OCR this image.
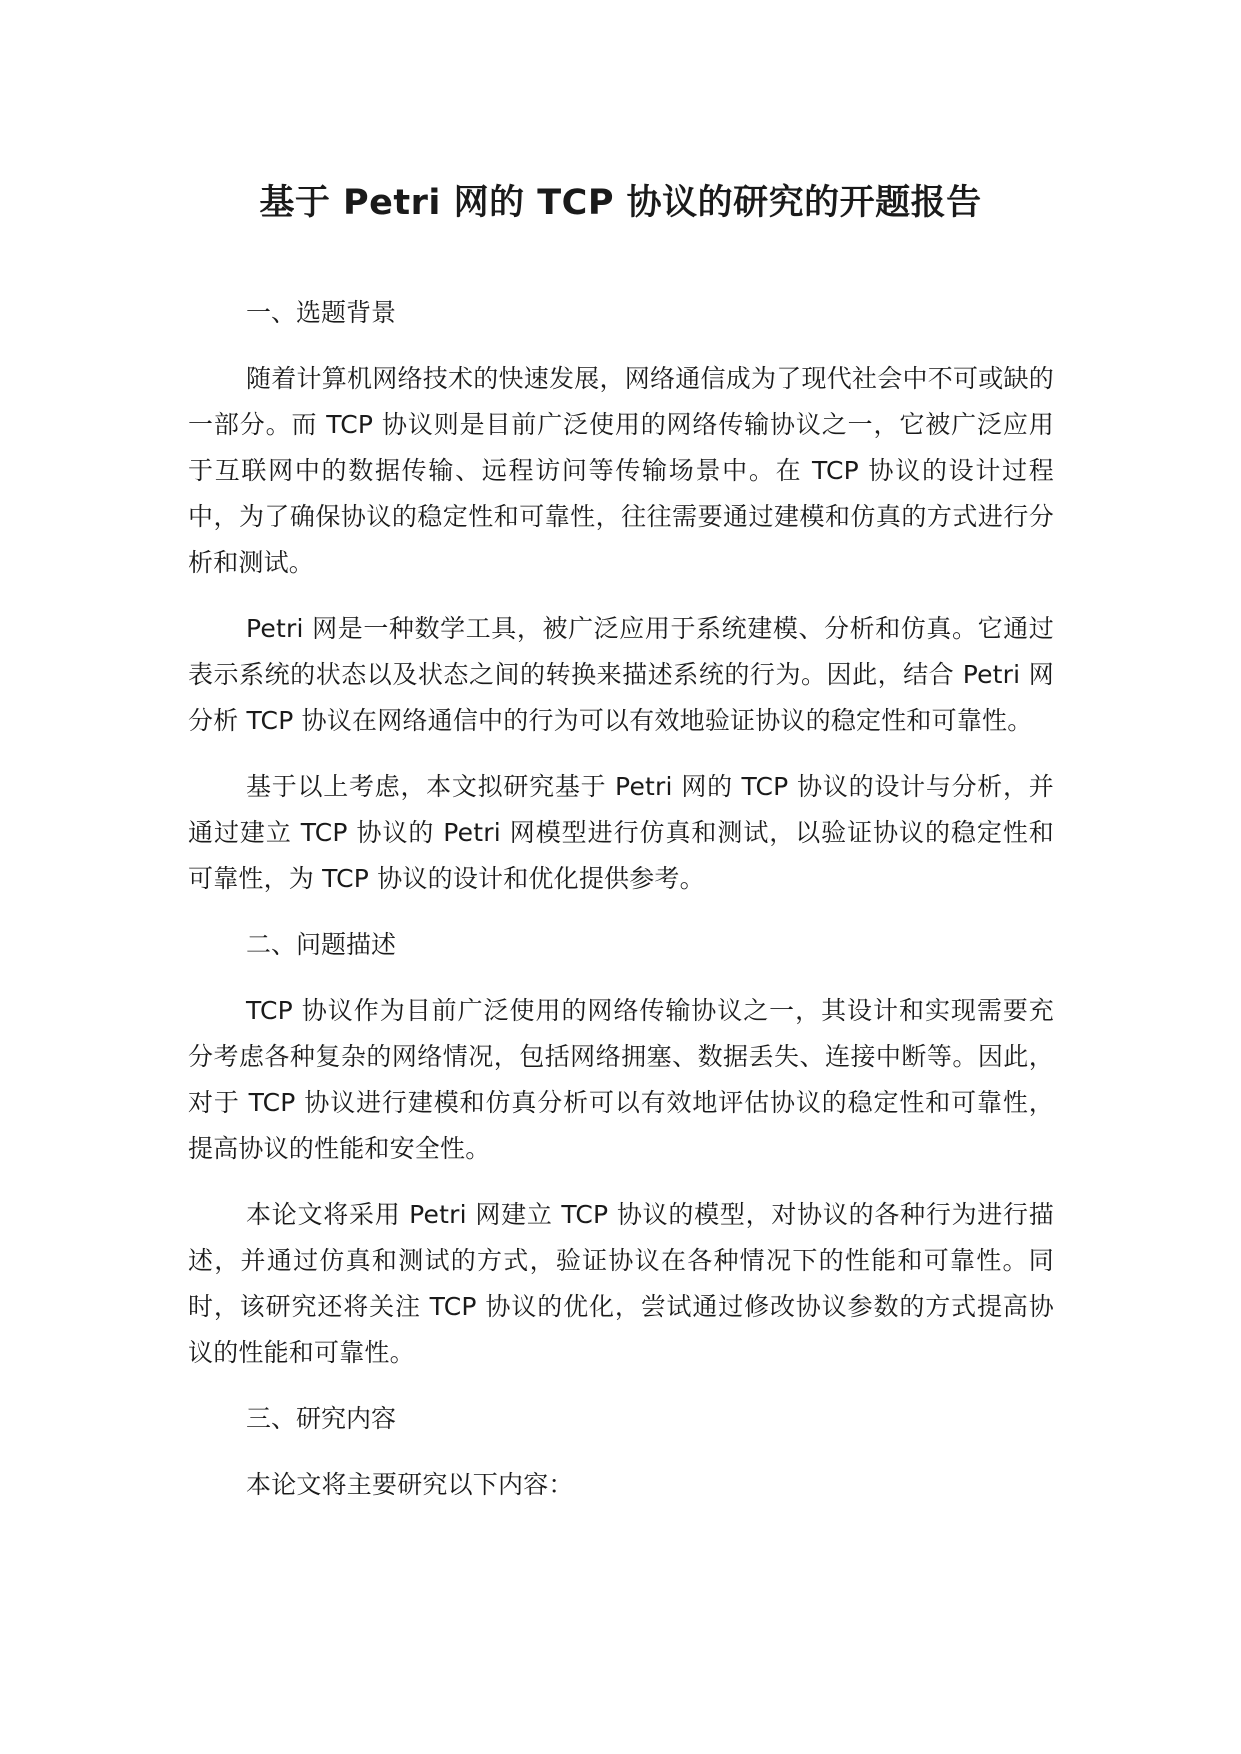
基于 Petri 网的 TCP 协议的研究的开题报告

一、选题背景

随着计算机网络技术的快速发展，网络通信成为了现代社会中不可或缺的一部分。而 TCP 协议则是目前广泛使用的网络传输协议之一，它被广泛应用于互联网中的数据传输、远程访问等传输场景中。在 TCP 协议的设计过程中，为了确保协议的稳定性和可靠性，往往需要通过建模和仿真的方式进行分析和测试。

Petri 网是一种数学工具，被广泛应用于系统建模、分析和仿真。它通过表示系统的状态以及状态之间的转换来描述系统的行为。因此，结合 Petri 网分析 TCP 协议在网络通信中的行为可以有效地验证协议的稳定性和可靠性。

基于以上考虑，本文拟研究基于 Petri 网的 TCP 协议的设计与分析，并通过建立 TCP 协议的 Petri 网模型进行仿真和测试，以验证协议的稳定性和可靠性，为 TCP 协议的设计和优化提供参考。

二、问题描述

TCP 协议作为目前广泛使用的网络传输协议之一，其设计和实现需要充分考虑各种复杂的网络情况，包括网络拥塞、数据丢失、连接中断等。因此，对于 TCP 协议进行建模和仿真分析可以有效地评估协议的稳定性和可靠性，提高协议的性能和安全性。

本论文将采用 Petri 网建立 TCP 协议的模型，对协议的各种行为进行描述，并通过仿真和测试的方式，验证协议在各种情况下的性能和可靠性。同时，该研究还将关注 TCP 协议的优化，尝试通过修改协议参数的方式提高协议的性能和可靠性。

三、研究内容

本论文将主要研究以下内容：
